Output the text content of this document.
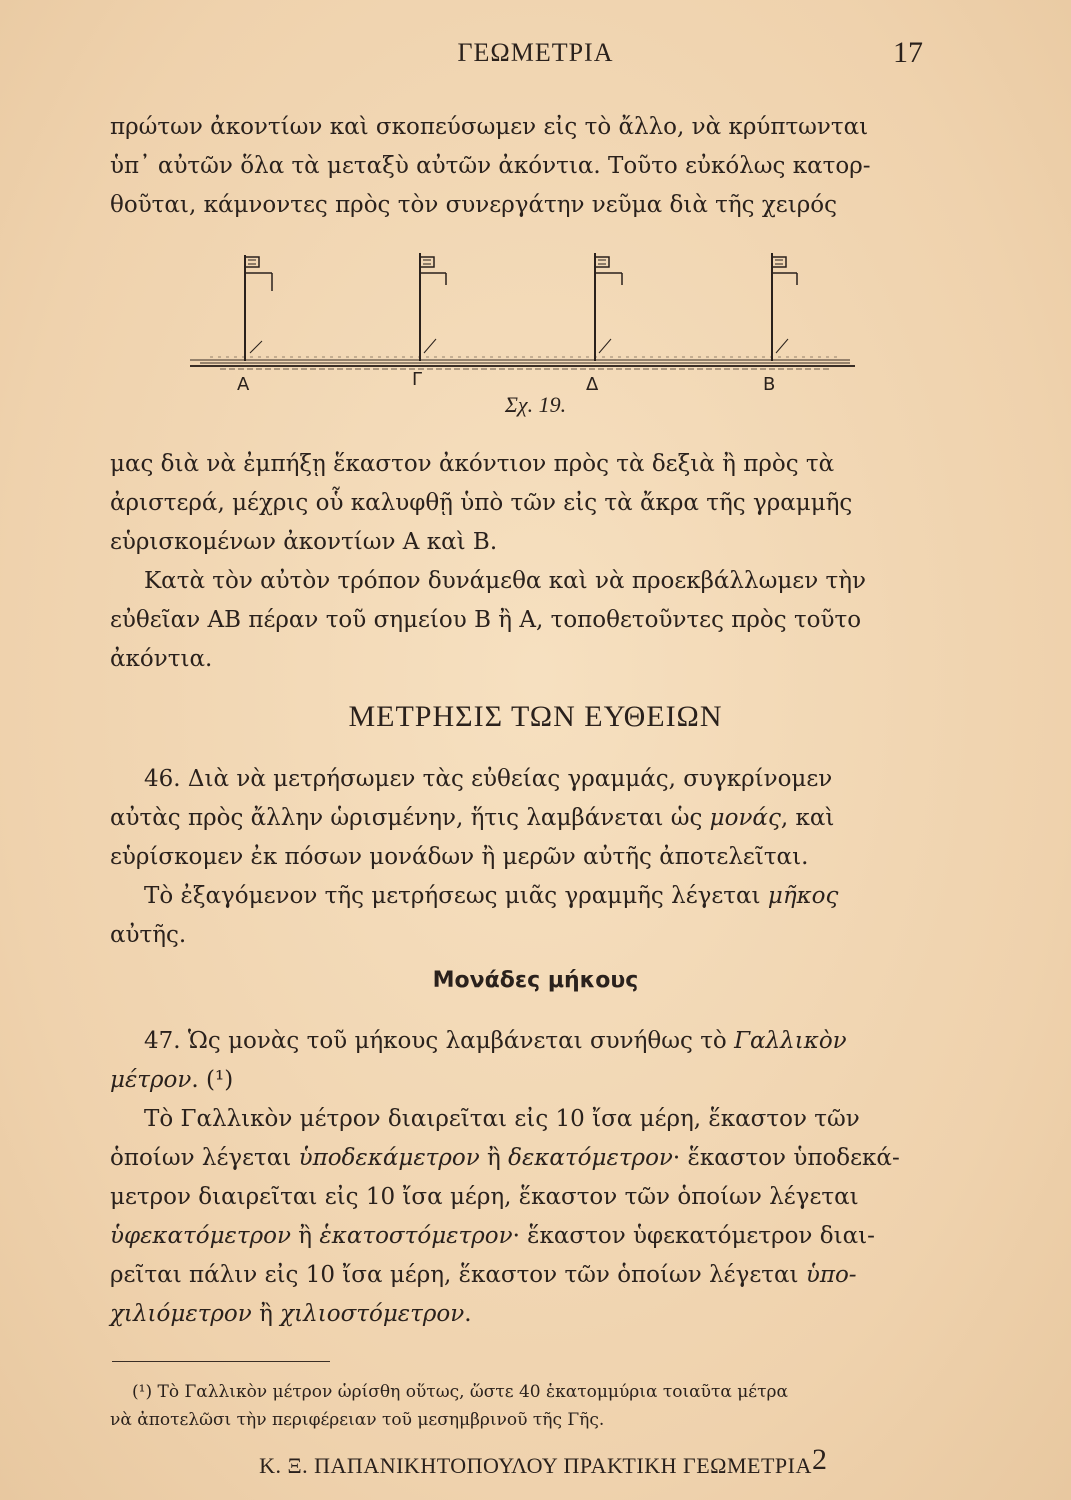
ΓΕΩΜΕΤΡΙΑ	17

πρώτων ἀκοντίων καὶ σκοπεύσωμεν εἰς τὸ ἄλλο, νὰ κρύπτωνται

ὑπ᾽ αὐτῶν ὅλα τὰ μεταξὺ αὐτῶν ἀκόντια. Τοῦτο εὐκόλως κατορ-

θοῦται, κάμνοντες πρὸς τὸν συνεργάτην νεῦμα διὰ τῆς χειρός

Α	Γ	Δ	Β
Σχ. 19.

μας διὰ νὰ ἐμπήξῃ ἕκαστον ἀκόντιον πρὸς τὰ δεξιὰ ἢ πρὸς τὰ

ἀριστερά, μέχρις οὗ καλυφθῇ ὑπὸ τῶν εἰς τὰ ἄκρα τῆς γραμμῆς

εὑρισκομένων ἀκοντίων Α καὶ Β.

Κατὰ τὸν αὐτὸν τρόπον δυνάμεθα καὶ νὰ προεκβάλλωμεν τὴν

εὐθεῖαν ΑΒ πέραν τοῦ σημείου Β ἢ Α, τοποθετοῦντες πρὸς τοῦτο

ἀκόντια.

ΜΕΤΡΗΣΙΣ ΤΩΝ ΕΥΘΕΙΩΝ

46. Διὰ νὰ μετρήσωμεν τὰς εὐθείας γραμμάς, συγκρίνομεν

αὐτὰς πρὸς ἄλλην ὡρισμένην, ἥτις λαμβάνεται ὡς μονάς, καὶ

εὑρίσκομεν ἐκ πόσων μονάδων ἢ μερῶν αὐτῆς ἀποτελεῖται.

Τὸ ἐξαγόμενον τῆς μετρήσεως μιᾶς γραμμῆς λέγεται μῆκος

αὐτῆς.

Μονάδες μήκους

47. Ὡς μονὰς τοῦ μήκους λαμβάνεται συνήθως τὸ Γαλλικὸν

μέτρον. (¹)

Τὸ Γαλλικὸν μέτρον διαιρεῖται εἰς 10 ἴσα μέρη, ἕκαστον τῶν

ὁποίων λέγεται ὑποδεκάμετρον ἢ δεκατόμετρον· ἕκαστον ὑποδεκά-

μετρον διαιρεῖται εἰς 10 ἴσα μέρη, ἕκαστον τῶν ὁποίων λέγεται

ὑφεκατόμετρον ἢ ἑκατοστόμετρον· ἕκαστον ὑφεκατόμετρον διαι-

ρεῖται πάλιν εἰς 10 ἴσα μέρη, ἕκαστον τῶν ὁποίων λέγεται ὑπο-

χιλιόμετρον ἢ χιλιοστόμετρον.

(¹) Τὸ Γαλλικὸν μέτρον ὡρίσθη οὕτως, ὥστε 40 ἑκατομμύρια τοιαῦτα μέτρα

νὰ ἀποτελῶσι τὴν περιφέρειαν τοῦ μεσημβρινοῦ τῆς Γῆς.

Κ. Ξ. ΠΑΠΑΝΙΚΗΤΟΠΟΥΛΟΥ ΠΡΑΚΤΙΚΗ ΓΕΩΜΕΤΡΙΑ 2
